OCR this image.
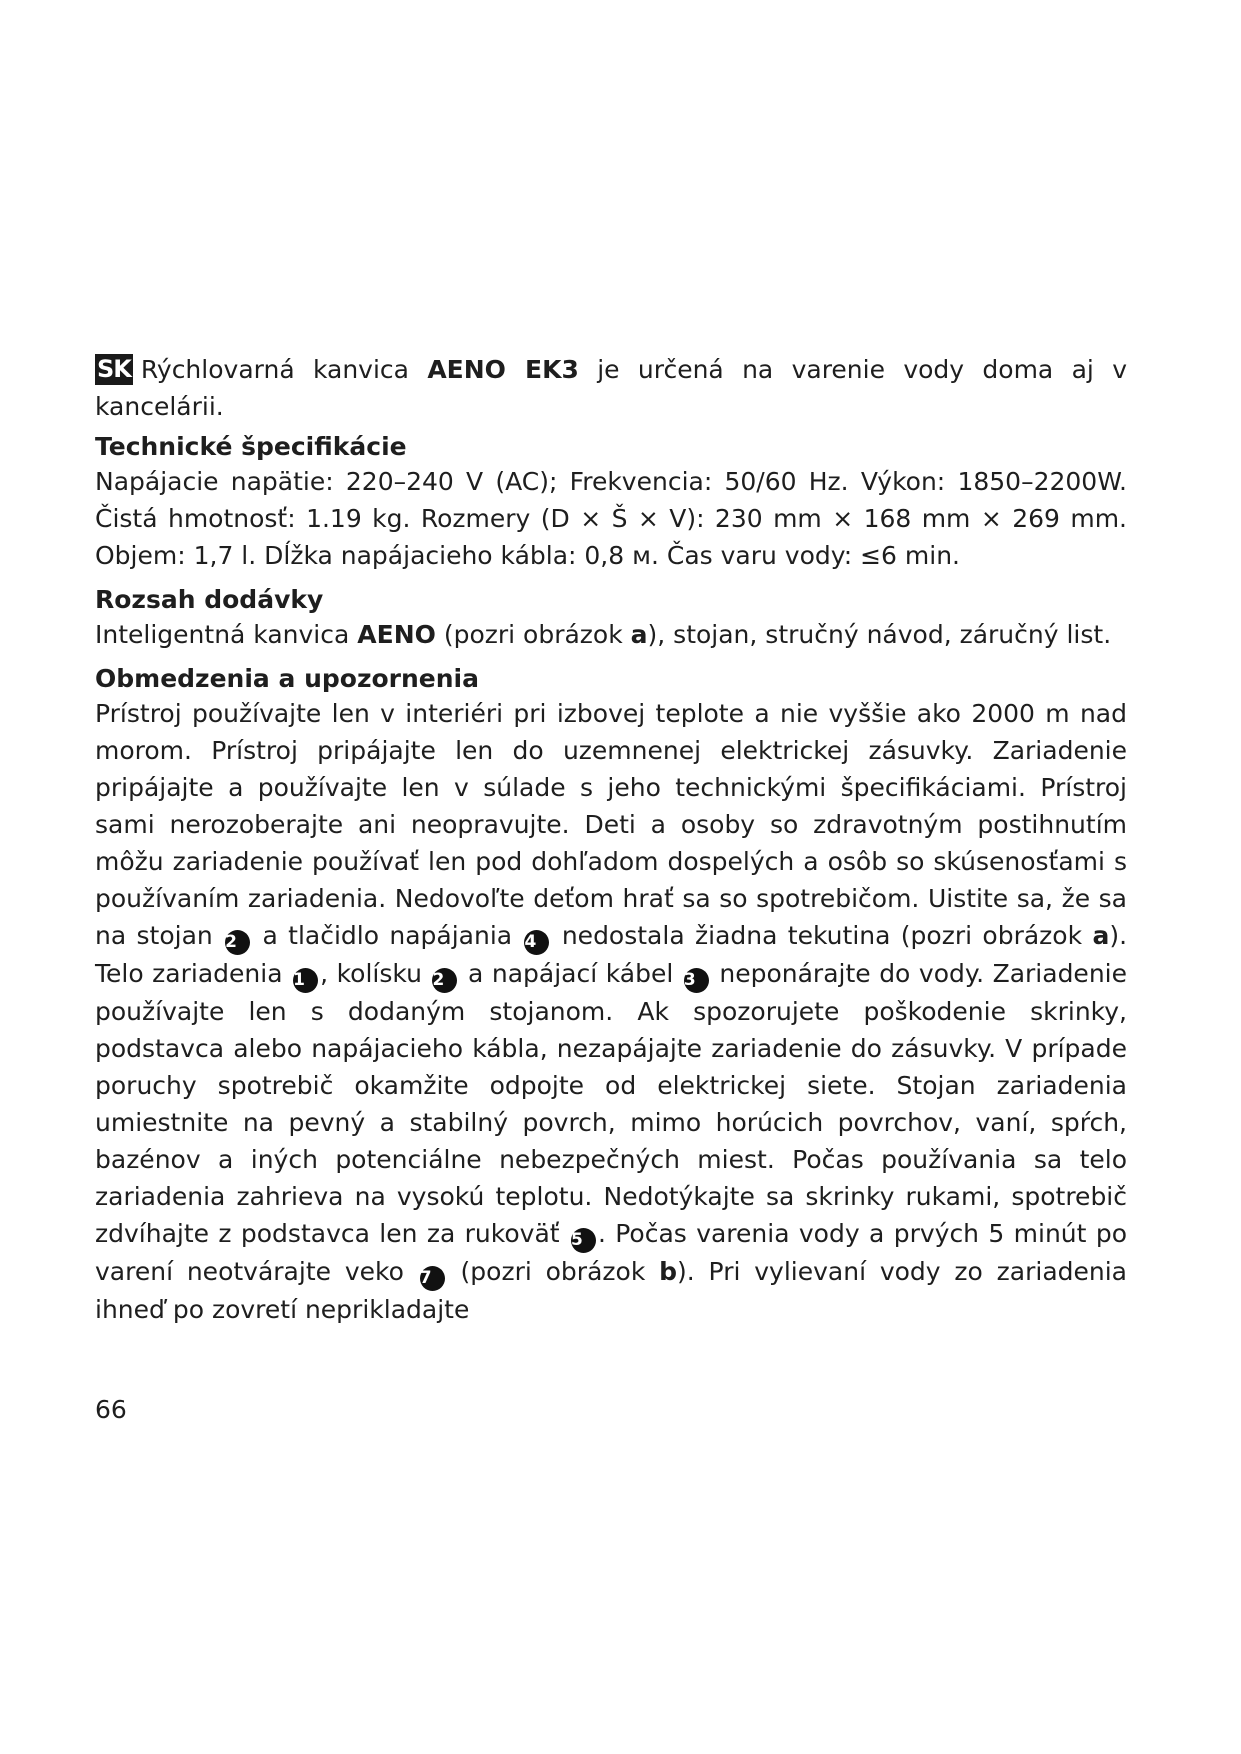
SK Rýchlovarná kanvica AENO EK3 je určená na varenie vody doma aj v kancelárii.

Technické špecifikácie

Napájacie napätie: 220–240 V (AC); Frekvencia: 50/60 Hz. Výkon: 1850–2200W. Čistá hmotnosť: 1.19 kg. Rozmery (D × Š × V): 230 mm × 168 mm × 269 mm. Objem: 1,7 l. Dĺžka napájacieho kábla: 0,8 м. Čas varu vody: ≤6 min.

Rozsah dodávky

Inteligentná kanvica AENO (pozri obrázok a), stojan, stručný návod, záručný list.

Obmedzenia a upozornenia

Prístroj používajte len v interiéri pri izbovej teplote a nie vyššie ako 2000 m nad morom. Prístroj pripájajte len do uzemnenej elektrickej zásuvky. Zariadenie pripájajte a používajte len v súlade s jeho technickými špecifikáciami. Prístroj sami nerozoberajte ani neopravujte. Deti a osoby so zdravotným postihnutím môžu zariadenie používať len pod dohľadom dospelých a osôb so skúsenosťami s používaním zariadenia. Nedovoľte deťom hrať sa so spotrebičom. Uistite sa, že sa na stojan 2 a tlačidlo napájania 4 nedostala žiadna tekutina (pozri obrázok a). Telo zariadenia 1 , kolísku 2 a napájací kábel 3 neponárajte do vody. Zariadenie používajte len s dodaným stojanom. Ak spozorujete poškodenie skrinky, podstavca alebo napájacieho kábla, nezapájajte zariadenie do zásuvky. V prípade poruchy spotrebič okamžite odpojte od elektrickej siete. Stojan zariadenia umiestnite na pevný a stabilný povrch, mimo horúcich povrchov, vaní, spŕch, bazénov a iných potenciálne nebezpečných miest. Počas používania sa telo zariadenia zahrieva na vysokú teplotu. Nedotýkajte sa skrinky rukami, spotrebič zdvíhajte z podstavca len za rukoväť 5 . Počas varenia vody a prvých 5 minút po varení neotvárajte veko 7 (pozri obrázok b). Pri vylievaní vody zo zariadenia ihneď po zovretí neprikladajte

66
